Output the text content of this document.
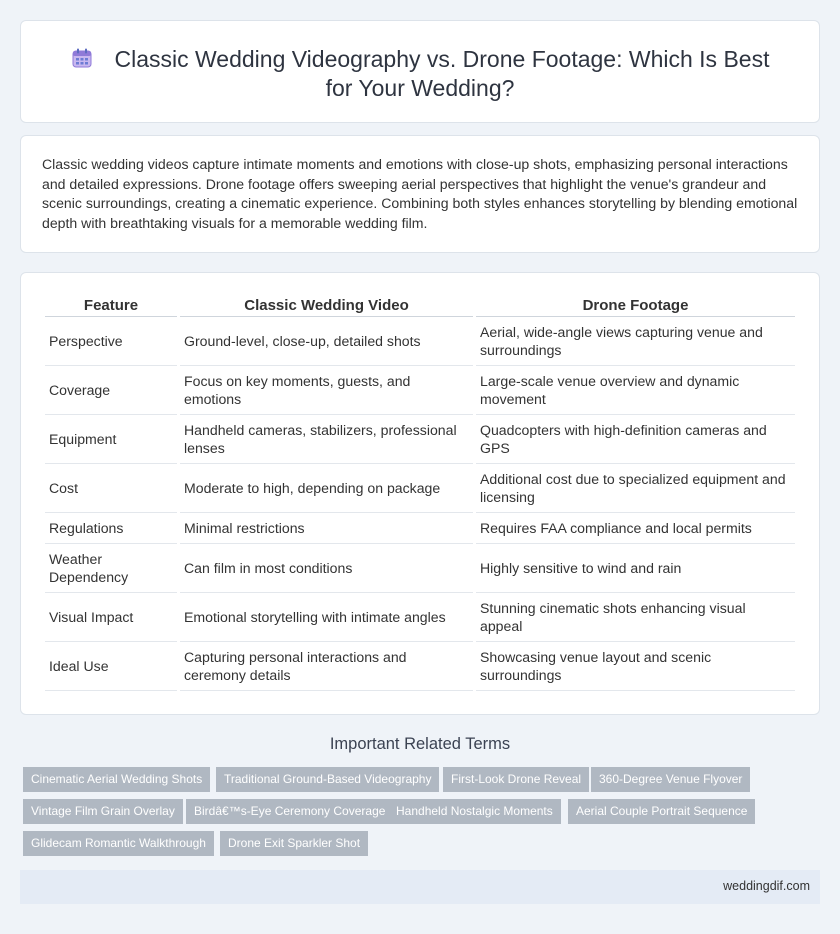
Classic Wedding Videography vs. Drone Footage: Which Is Best for Your Wedding?

Classic wedding videos capture intimate moments and emotions with close-up shots, emphasizing personal interactions and detailed expressions. Drone footage offers sweeping aerial perspectives that highlight the venue's grandeur and scenic surroundings, creating a cinematic experience. Combining both styles enhances storytelling by blending emotional depth with breathtaking visuals for a memorable wedding film.

Feature	Classic Wedding Video	Drone Footage
Perspective	Ground-level, close-up, detailed shots	Aerial, wide-angle views capturing venue and surroundings
Coverage	Focus on key moments, guests, and emotions	Large-scale venue overview and dynamic movement
Equipment	Handheld cameras, stabilizers, professional lenses	Quadcopters with high-definition cameras and GPS
Cost	Moderate to high, depending on package	Additional cost due to specialized equipment and licensing
Regulations	Minimal restrictions	Requires FAA compliance and local permits
Weather Dependency	Can film in most conditions	Highly sensitive to wind and rain
Visual Impact	Emotional storytelling with intimate angles	Stunning cinematic shots enhancing visual appeal
Ideal Use	Capturing personal interactions and ceremony details	Showcasing venue layout and scenic surroundings
Important Related Terms
Cinematic Aerial Wedding Shots	Traditional Ground-Based Videography	First-Look Drone Reveal	360-Degree Venue Flyover
Vintage Film Grain Overlay	Birdâ€™s-Eye Ceremony Coverage Handheld Nostalgic Moments	Aerial Couple Portrait Sequence
Glidecam Romantic Walkthrough	Drone Exit Sparkler Shot
weddingdif.com
